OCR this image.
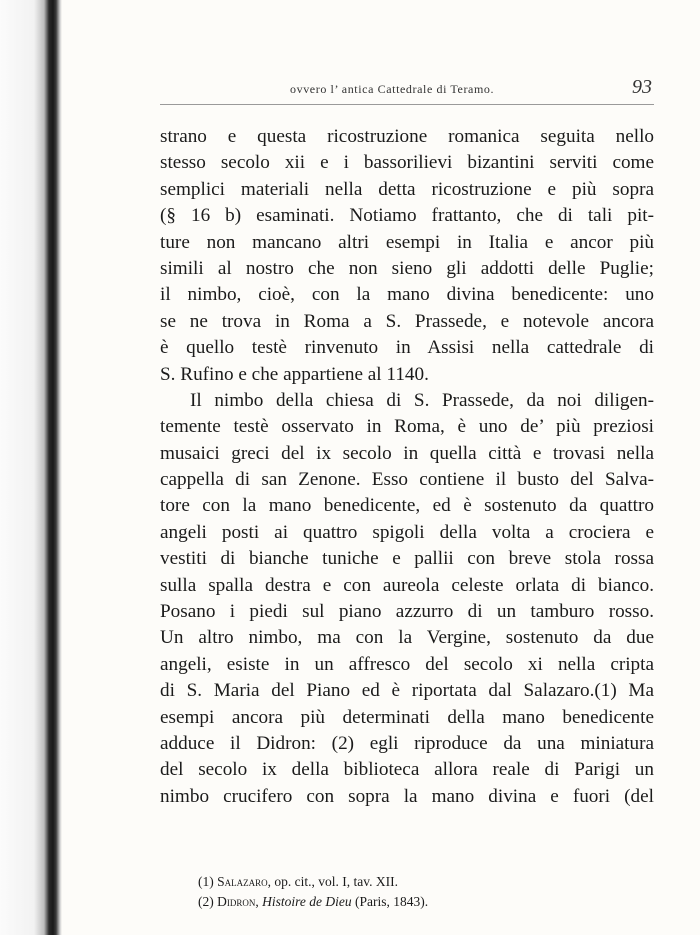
ovvero l’ antica Cattedrale di Teramo.	93
strano e questa ricostruzione romanica seguita nello
stesso secolo xii e i bassorilievi bizantini serviti come
semplici materiali nella detta ricostruzione e più sopra
(§ 16 b) esaminati. Notiamo frattanto, che di tali pit-
ture non mancano altri esempi in Italia e ancor più
simili al nostro che non sieno gli addotti delle Puglie;
il nimbo, cioè, con la mano divina benedicente: uno
se ne trova in Roma a S. Prassede, e notevole ancora
è quello testè rinvenuto in Assisi nella cattedrale di
S. Rufino e che appartiene al 1140.
Il nimbo della chiesa di S. Prassede, da noi diligen-
temente testè osservato in Roma, è uno de’ più preziosi
musaici greci del ix secolo in quella città e trovasi nella
cappella di san Zenone. Esso contiene il busto del Salva-
tore con la mano benedicente, ed è sostenuto da quattro
angeli posti ai quattro spigoli della volta a crociera e
vestiti di bianche tuniche e pallii con breve stola rossa
sulla spalla destra e con aureola celeste orlata di bianco.
Posano i piedi sul piano azzurro di un tamburo rosso.
Un altro nimbo, ma con la Vergine, sostenuto da due
angeli, esiste in un affresco del secolo xi nella cripta
di S. Maria del Piano ed è riportata dal Salazaro.(1) Ma
esempi ancora più determinati della mano benedicente
adduce il Didron: (2) egli riproduce da una miniatura
del secolo ix della biblioteca allora reale di Parigi un
nimbo crucifero con sopra la mano divina e fuori (del
(1) Salazaro, op. cit., vol. I, tav. XII.
(2) Didron, Histoire de Dieu (Paris, 1843).
